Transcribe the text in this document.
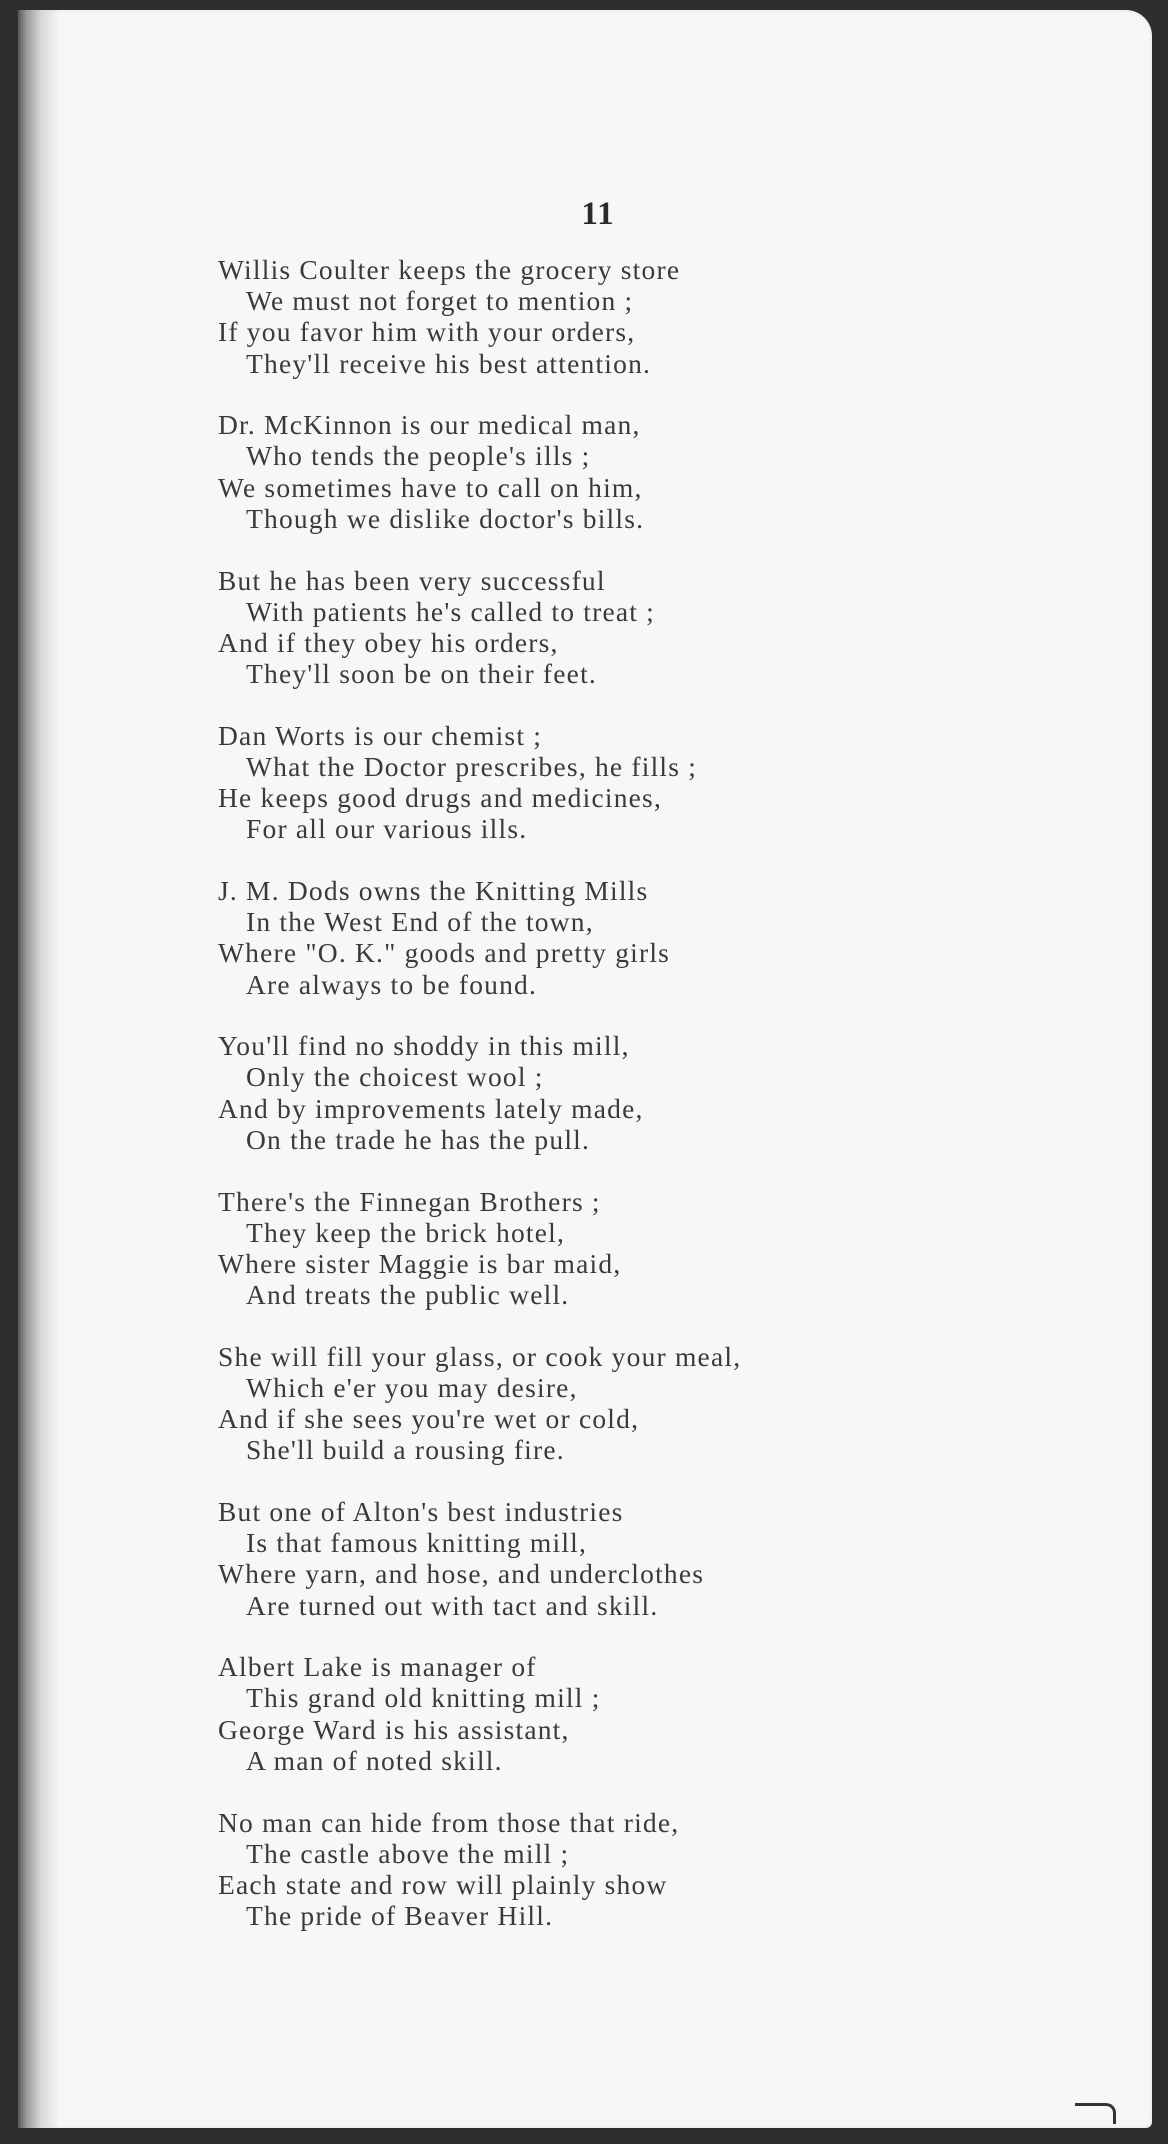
11
Willis Coulter keeps the grocery store
We must not forget to mention ;
If you favor him with your orders,
They'll receive his best attention.
Dr. McKinnon is our medical man,
Who tends the people's ills ;
We sometimes have to call on him,
Though we dislike doctor's bills.
But he has been very successful
With patients he's called to treat ;
And if they obey his orders,
They'll soon be on their feet.
Dan Worts is our chemist ;
What the Doctor prescribes, he fills ;
He keeps good drugs and medicines,
For all our various ills.
J. M. Dods owns the Knitting Mills
In the West End of the town,
Where "O. K." goods and pretty girls
Are always to be found.
You'll find no shoddy in this mill,
Only the choicest wool ;
And by improvements lately made,
On the trade he has the pull.
There's the Finnegan Brothers ;
They keep the brick hotel,
Where sister Maggie is bar maid,
And treats the public well.
She will fill your glass, or cook your meal,
Which e'er you may desire,
And if she sees you're wet or cold,
She'll build a rousing fire.
But one of Alton's best industries
Is that famous knitting mill,
Where yarn, and hose, and underclothes
Are turned out with tact and skill.
Albert Lake is manager of
This grand old knitting mill ;
George Ward is his assistant,
A man of noted skill.
No man can hide from those that ride,
The castle above the mill ;
Each state and row will plainly show
The pride of Beaver Hill.
